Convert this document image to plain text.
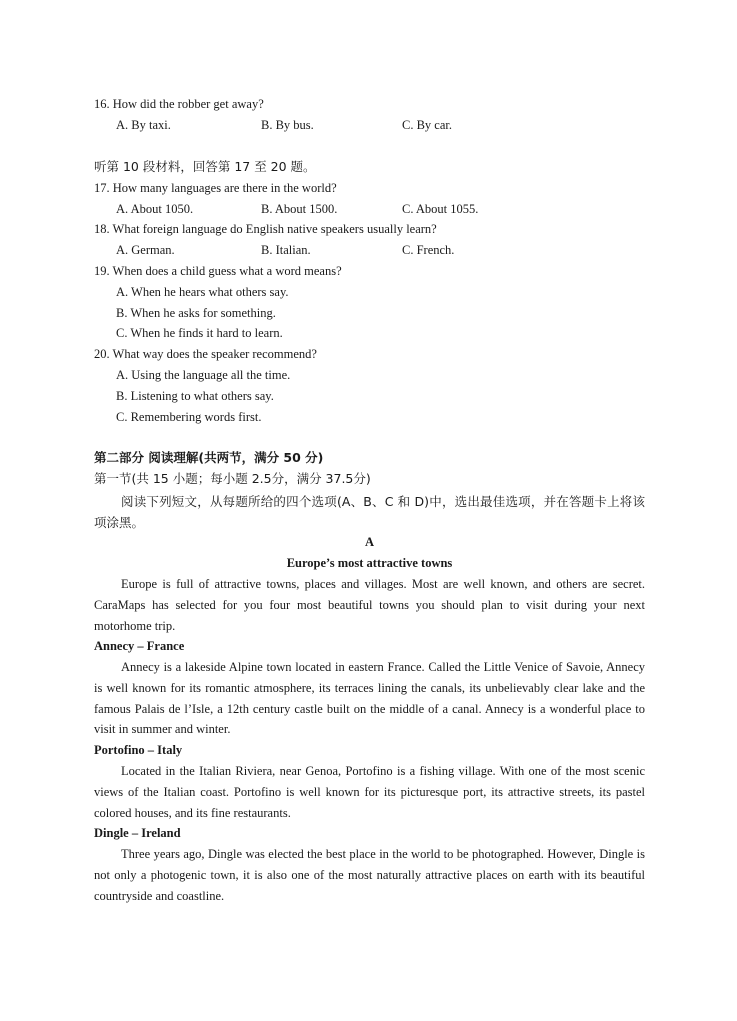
16. How did the robber get away?
A. By taxi.	B. By bus.	C. By car.
听第 10 段材料，回答第 17 至 20 题。
17. How many languages are there in the world?
A. About 1050.	B. About 1500.	C. About 1055.
18. What foreign language do English native speakers usually learn?
A. German.	B. Italian.	C. French.
19. When does a child guess what a word means?
A. When he hears what others say.
B. When he asks for something.
C. When he finds it hard to learn.
20. What way does the speaker recommend?
A. Using the language all the time.
B. Listening to what others say.
C. Remembering words first.
第二部分 阅读理解(共两节，满分 50 分)
第一节(共 15 小题；每小题 2.5分，满分 37.5分)
阅读下列短文，从每题所给的四个选项(A、B、C 和 D)中，选出最佳选项，并在答题卡上将该项涂黑。
A
Europe’s most attractive towns
Europe is full of attractive towns, places and villages. Most are well known, and others are secret. CaraMaps has selected for you four most beautiful towns you should plan to visit during your next motorhome trip.
Annecy – France
Annecy is a lakeside Alpine town located in eastern France. Called the Little Venice of Savoie, Annecy is well known for its romantic atmosphere, its terraces lining the canals, its unbelievably clear lake and the famous Palais de l’Isle, a 12th century castle built on the middle of a canal. Annecy is a wonderful place to visit in summer and winter.
Portofino – Italy
Located in the Italian Riviera, near Genoa, Portofino is a fishing village. With one of the most scenic views of the Italian coast. Portofino is well known for its picturesque port, its attractive streets, its pastel colored houses, and its fine restaurants.
Dingle – Ireland
Three years ago, Dingle was elected the best place in the world to be photographed. However, Dingle is not only a photogenic town, it is also one of the most naturally attractive places on earth with its beautiful countryside and coastline.
